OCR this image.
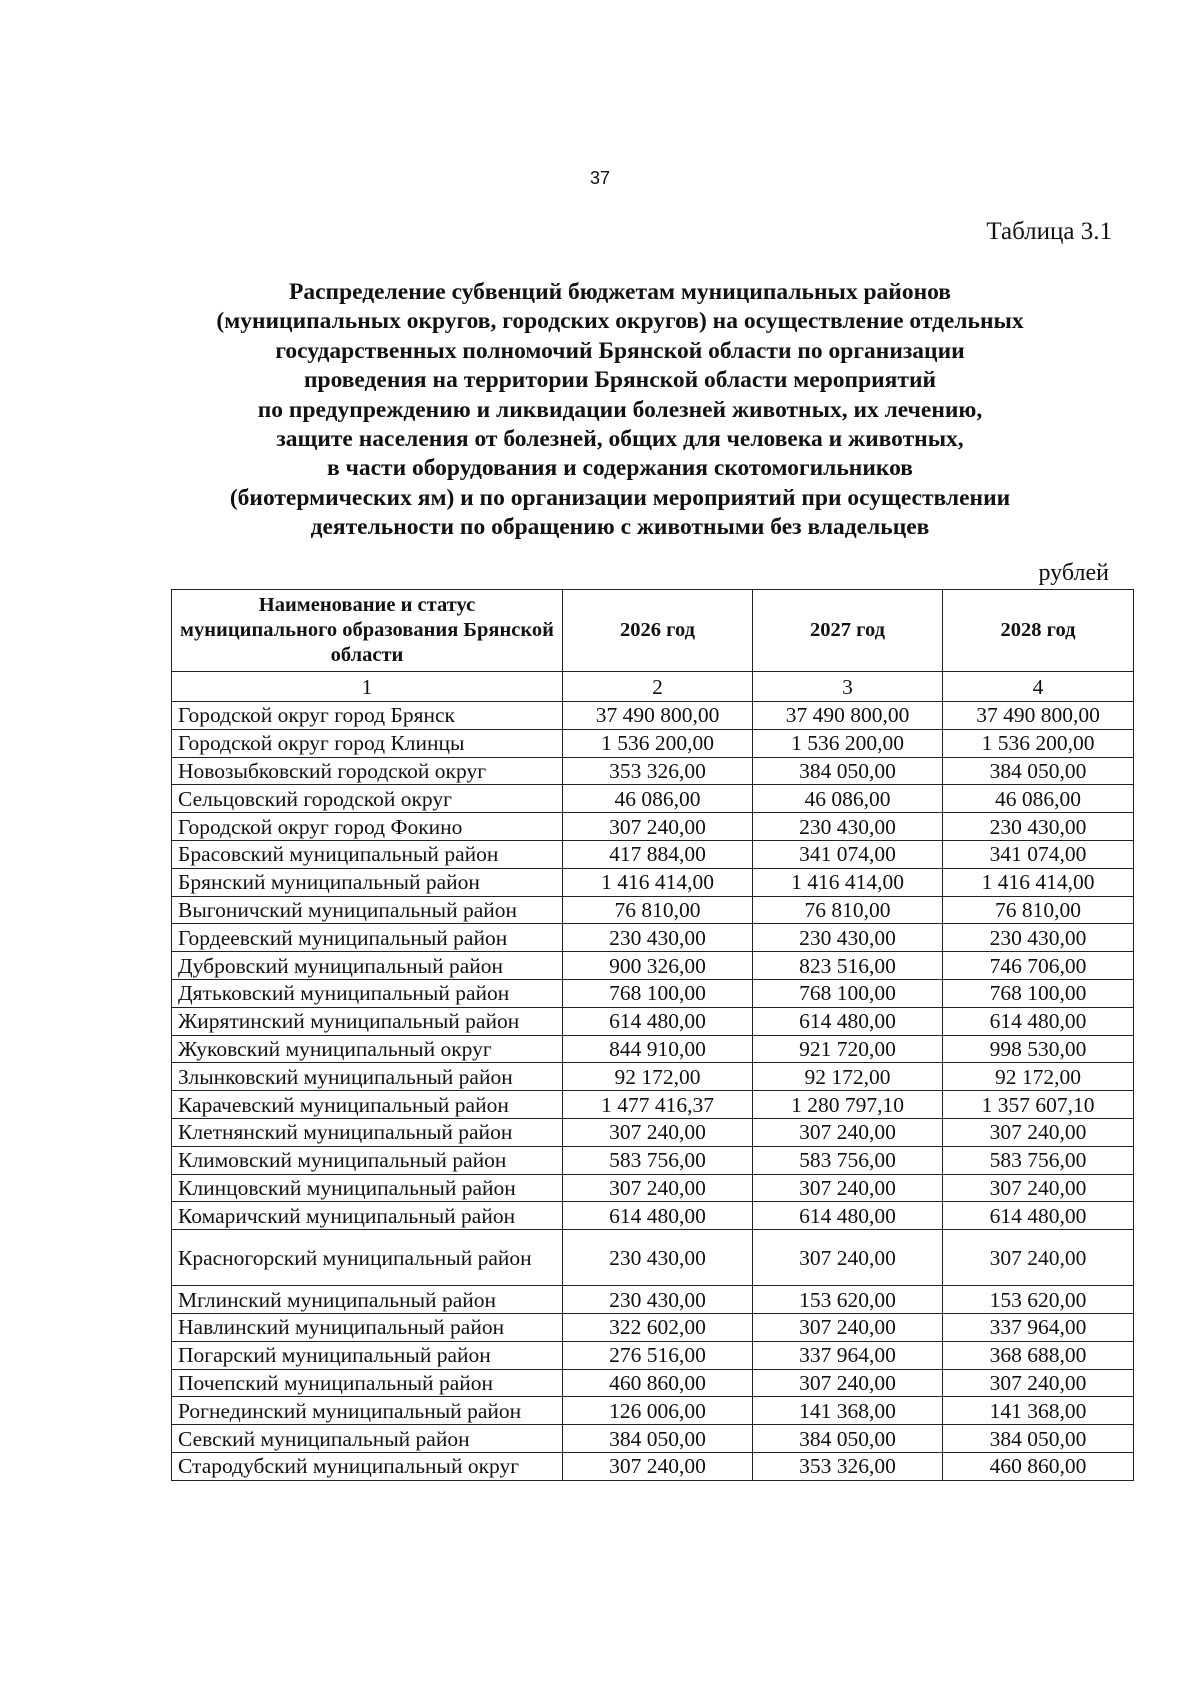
37
Таблица 3.1
Распределение субвенций бюджетам муниципальных районов
(муниципальных округов, городских округов) на осуществление отдельных
государственных полномочий Брянской области по организации
проведения на территории Брянской области мероприятий
по предупреждению и ликвидации болезней животных, их лечению,
защите населения от болезней, общих для человека и животных,
в части оборудования и содержания скотомогильников
(биотермических ям) и по организации мероприятий при осуществлении
деятельности по обращению с животными без владельцев
рублей
Наименование и статус муниципального образования Брянской области	2026 год	2027 год	2028 год
1	2	3	4
Городской округ город Брянск	37 490 800,00	37 490 800,00	37 490 800,00
Городской округ город Клинцы	1 536 200,00	1 536 200,00	1 536 200,00
Новозыбковский городской округ	353 326,00	384 050,00	384 050,00
Сельцовский городской округ	46 086,00	46 086,00	46 086,00
Городской округ город Фокино	307 240,00	230 430,00	230 430,00
Брасовский муниципальный район	417 884,00	341 074,00	341 074,00
Брянский муниципальный район	1 416 414,00	1 416 414,00	1 416 414,00
Выгоничский муниципальный район	76 810,00	76 810,00	76 810,00
Гордеевский муниципальный район	230 430,00	230 430,00	230 430,00
Дубровский муниципальный район	900 326,00	823 516,00	746 706,00
Дятьковский муниципальный район	768 100,00	768 100,00	768 100,00
Жирятинский муниципальный район	614 480,00	614 480,00	614 480,00
Жуковский муниципальный округ	844 910,00	921 720,00	998 530,00
Злынковский муниципальный район	92 172,00	92 172,00	92 172,00
Карачевский муниципальный район	1 477 416,37	1 280 797,10	1 357 607,10
Клетнянский муниципальный район	307 240,00	307 240,00	307 240,00
Климовский муниципальный район	583 756,00	583 756,00	583 756,00
Клинцовский муниципальный район	307 240,00	307 240,00	307 240,00
Комаричский муниципальный район	614 480,00	614 480,00	614 480,00
Красногорский муниципальный район	230 430,00	307 240,00	307 240,00
Мглинский муниципальный район	230 430,00	153 620,00	153 620,00
Навлинский муниципальный район	322 602,00	307 240,00	337 964,00
Погарский муниципальный район	276 516,00	337 964,00	368 688,00
Почепский муниципальный район	460 860,00	307 240,00	307 240,00
Рогнединский муниципальный район	126 006,00	141 368,00	141 368,00
Севский муниципальный район	384 050,00	384 050,00	384 050,00
Стародубский муниципальный округ	307 240,00	353 326,00	460 860,00
